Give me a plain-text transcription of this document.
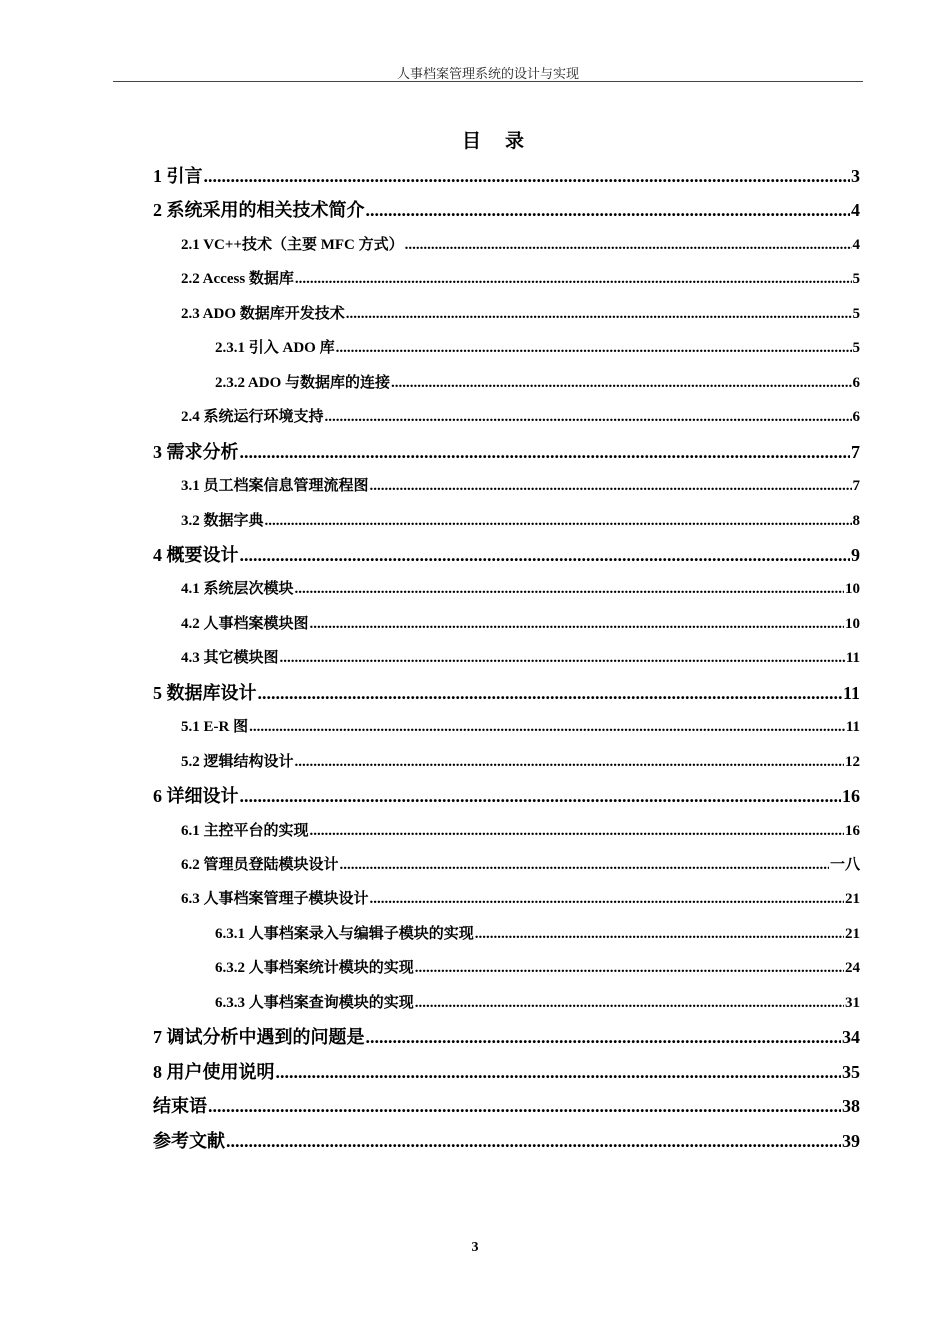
人事档案管理系统的设计与实现
目录
1 引言 .....	3
2 系统采用的相关技术简介 .....	4
2.1 VC++技术（主要 MFC 方式） .....	4
2.2 Access 数据库 .....	5
2.3 ADO 数据库开发技术 .....	5
2.3.1 引入 ADO 库 .....	5
2.3.2 ADO 与数据库的连接 .....	6
2.4 系统运行环境支持 .....	6
3 需求分析 .....	7
3.1 员工档案信息管理流程图 .....	7
3.2 数据字典 .....	8
4 概要设计 .....	9
4.1 系统层次模块 .....	10
4.2 人事档案模块图 .....	10
4.3 其它模块图 .....	11
5 数据库设计 .....	11
5.1 E-R 图 .....	11
5.2 逻辑结构设计 .....	12
6 详细设计 .....	16
6.1 主控平台的实现 .....	16
6.2 管理员登陆模块设计 .....	一八
6.3 人事档案管理子模块设计 .....	21
6.3.1 人事档案录入与编辑子模块的实现 .....	21
6.3.2 人事档案统计模块的实现 .....	24
6.3.3 人事档案查询模块的实现 .....	31
7 调试分析中遇到的问题是 .....	34
8 用户使用说明 .....	35
结束语 .....	38
参考文献 .....	39
3
